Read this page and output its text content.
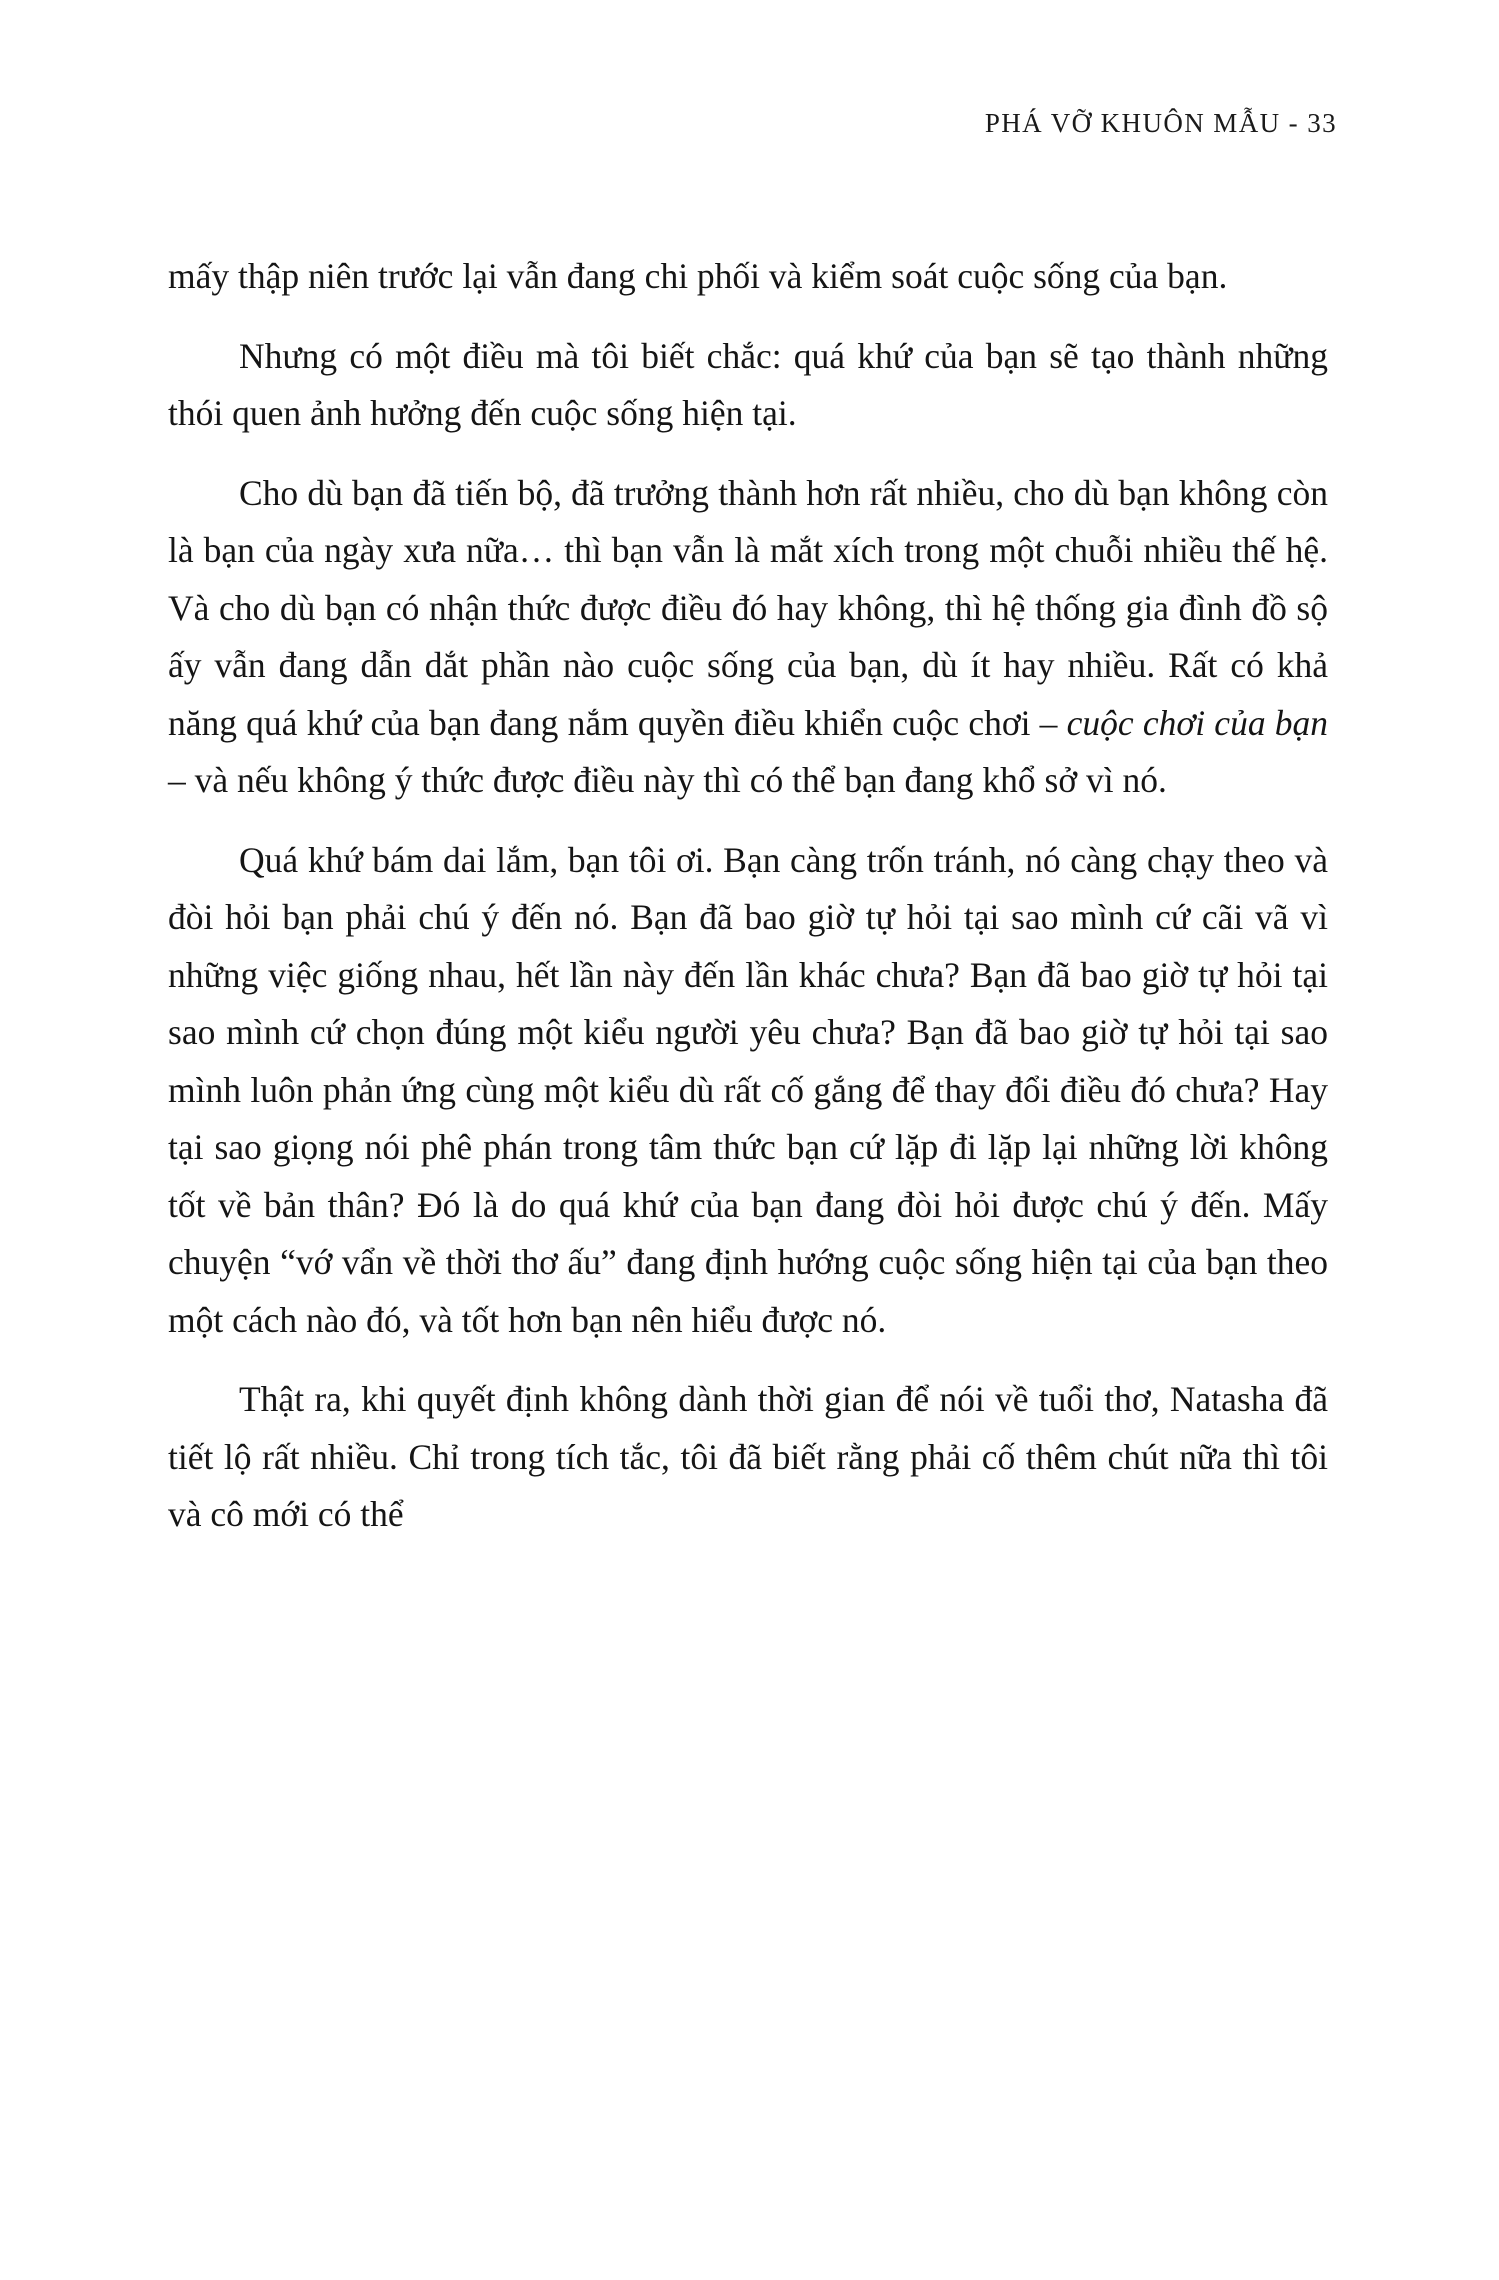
PHÁ VỠ KHUÔN MẪU - 33

mấy thập niên trước lại vẫn đang chi phối và kiểm soát cuộc sống của bạn.

Nhưng có một điều mà tôi biết chắc: quá khứ của bạn sẽ tạo thành những thói quen ảnh hưởng đến cuộc sống hiện tại.

Cho dù bạn đã tiến bộ, đã trưởng thành hơn rất nhiều, cho dù bạn không còn là bạn của ngày xưa nữa… thì bạn vẫn là mắt xích trong một chuỗi nhiều thế hệ. Và cho dù bạn có nhận thức được điều đó hay không, thì hệ thống gia đình đồ sộ ấy vẫn đang dẫn dắt phần nào cuộc sống của bạn, dù ít hay nhiều. Rất có khả năng quá khứ của bạn đang nắm quyền điều khiển cuộc chơi – cuộc chơi của bạn – và nếu không ý thức được điều này thì có thể bạn đang khổ sở vì nó.

Quá khứ bám dai lắm, bạn tôi ơi. Bạn càng trốn tránh, nó càng chạy theo và đòi hỏi bạn phải chú ý đến nó. Bạn đã bao giờ tự hỏi tại sao mình cứ cãi vã vì những việc giống nhau, hết lần này đến lần khác chưa? Bạn đã bao giờ tự hỏi tại sao mình cứ chọn đúng một kiểu người yêu chưa? Bạn đã bao giờ tự hỏi tại sao mình luôn phản ứng cùng một kiểu dù rất cố gắng để thay đổi điều đó chưa? Hay tại sao giọng nói phê phán trong tâm thức bạn cứ lặp đi lặp lại những lời không tốt về bản thân? Đó là do quá khứ của bạn đang đòi hỏi được chú ý đến. Mấy chuyện “vớ vẩn về thời thơ ấu” đang định hướng cuộc sống hiện tại của bạn theo một cách nào đó, và tốt hơn bạn nên hiểu được nó.

Thật ra, khi quyết định không dành thời gian để nói về tuổi thơ, Natasha đã tiết lộ rất nhiều. Chỉ trong tích tắc, tôi đã biết rằng phải cố thêm chút nữa thì tôi và cô mới có thể
